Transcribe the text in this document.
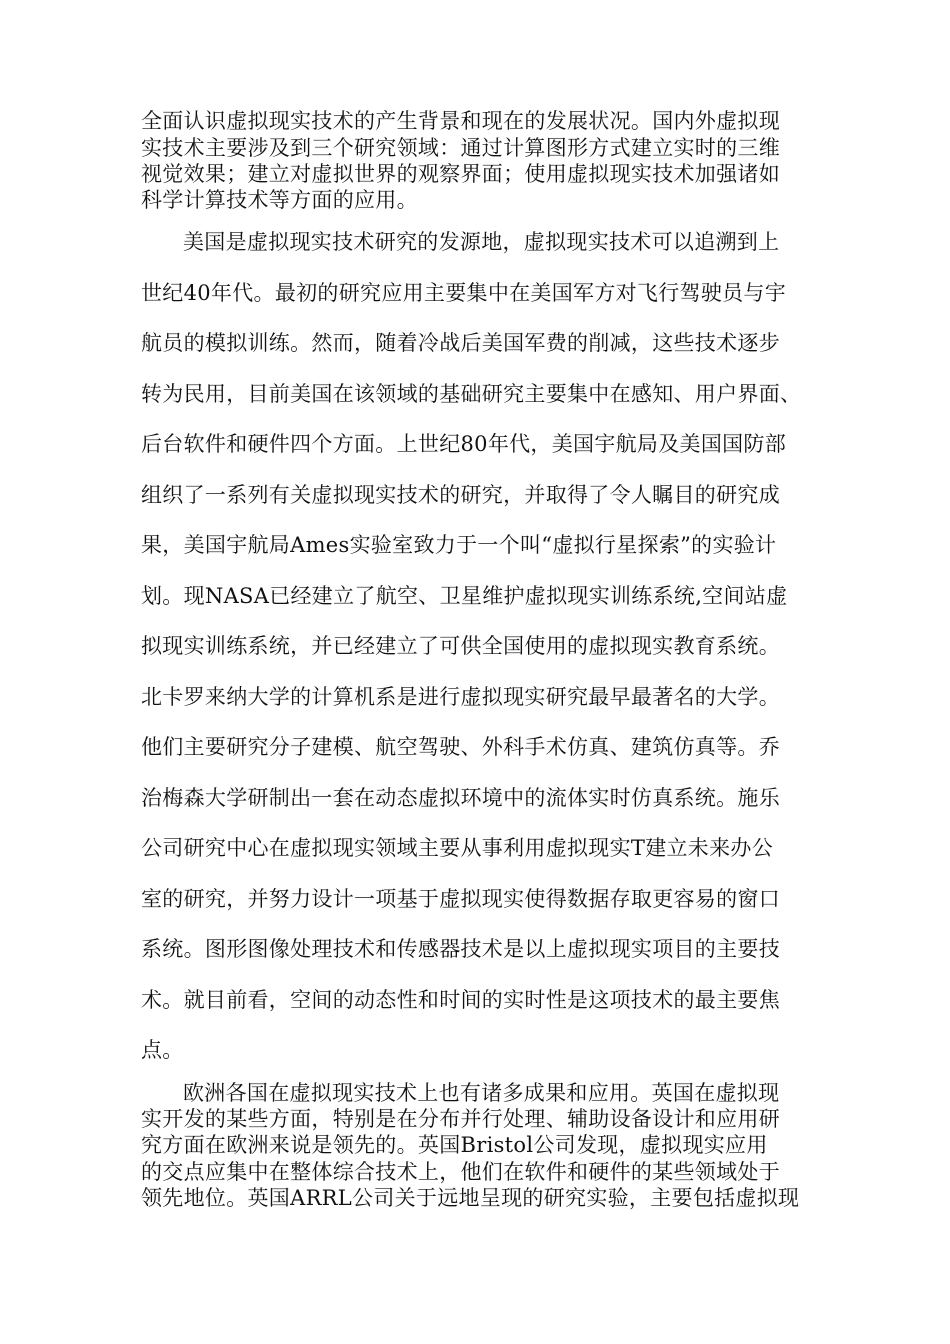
全面认识虚拟现实技术的产生背景和现在的发展状况。国内外虚拟现
实技术主要涉及到三个研究领域：通过计算图形方式建立实时的三维
视觉效果；建立对虚拟世界的观察界面；使用虚拟现实技术加强诸如
科学计算技术等方面的应用。
美国是虚拟现实技术研究的发源地，虚拟现实技术可以追溯到上
世纪40年代。最初的研究应用主要集中在美国军方对飞行驾驶员与宇
航员的模拟训练。然而，随着冷战后美国军费的削减，这些技术逐步
转为民用，目前美国在该领域的基础研究主要集中在感知、用户界面、
后台软件和硬件四个方面。上世纪80年代，美国宇航局及美国国防部
组织了一系列有关虚拟现实技术的研究，并取得了令人瞩目的研究成
果，美国宇航局Ames实验室致力于一个叫“虚拟行星探索”的实验计
划。现NASA已经建立了航空、卫星维护虚拟现实训练系统,空间站虚
拟现实训练系统，并已经建立了可供全国使用的虚拟现实教育系统。
北卡罗来纳大学的计算机系是进行虚拟现实研究最早最著名的大学。
他们主要研究分子建模、航空驾驶、外科手术仿真、建筑仿真等。乔
治梅森大学研制出一套在动态虚拟环境中的流体实时仿真系统。施乐
公司研究中心在虚拟现实领域主要从事利用虚拟现实T建立未来办公
室的研究，并努力设计一项基于虚拟现实使得数据存取更容易的窗口
系统。图形图像处理技术和传感器技术是以上虚拟现实项目的主要技
术。就目前看，空间的动态性和时间的实时性是这项技术的最主要焦
点。
欧洲各国在虚拟现实技术上也有诸多成果和应用。英国在虚拟现
实开发的某些方面，特别是在分布并行处理、辅助设备设计和应用研
究方面在欧洲来说是领先的。英国Bristol公司发现，虚拟现实应用
的交点应集中在整体综合技术上，他们在软件和硬件的某些领域处于
领先地位。英国ARRL公司关于远地呈现的研究实验，主要包括虚拟现
